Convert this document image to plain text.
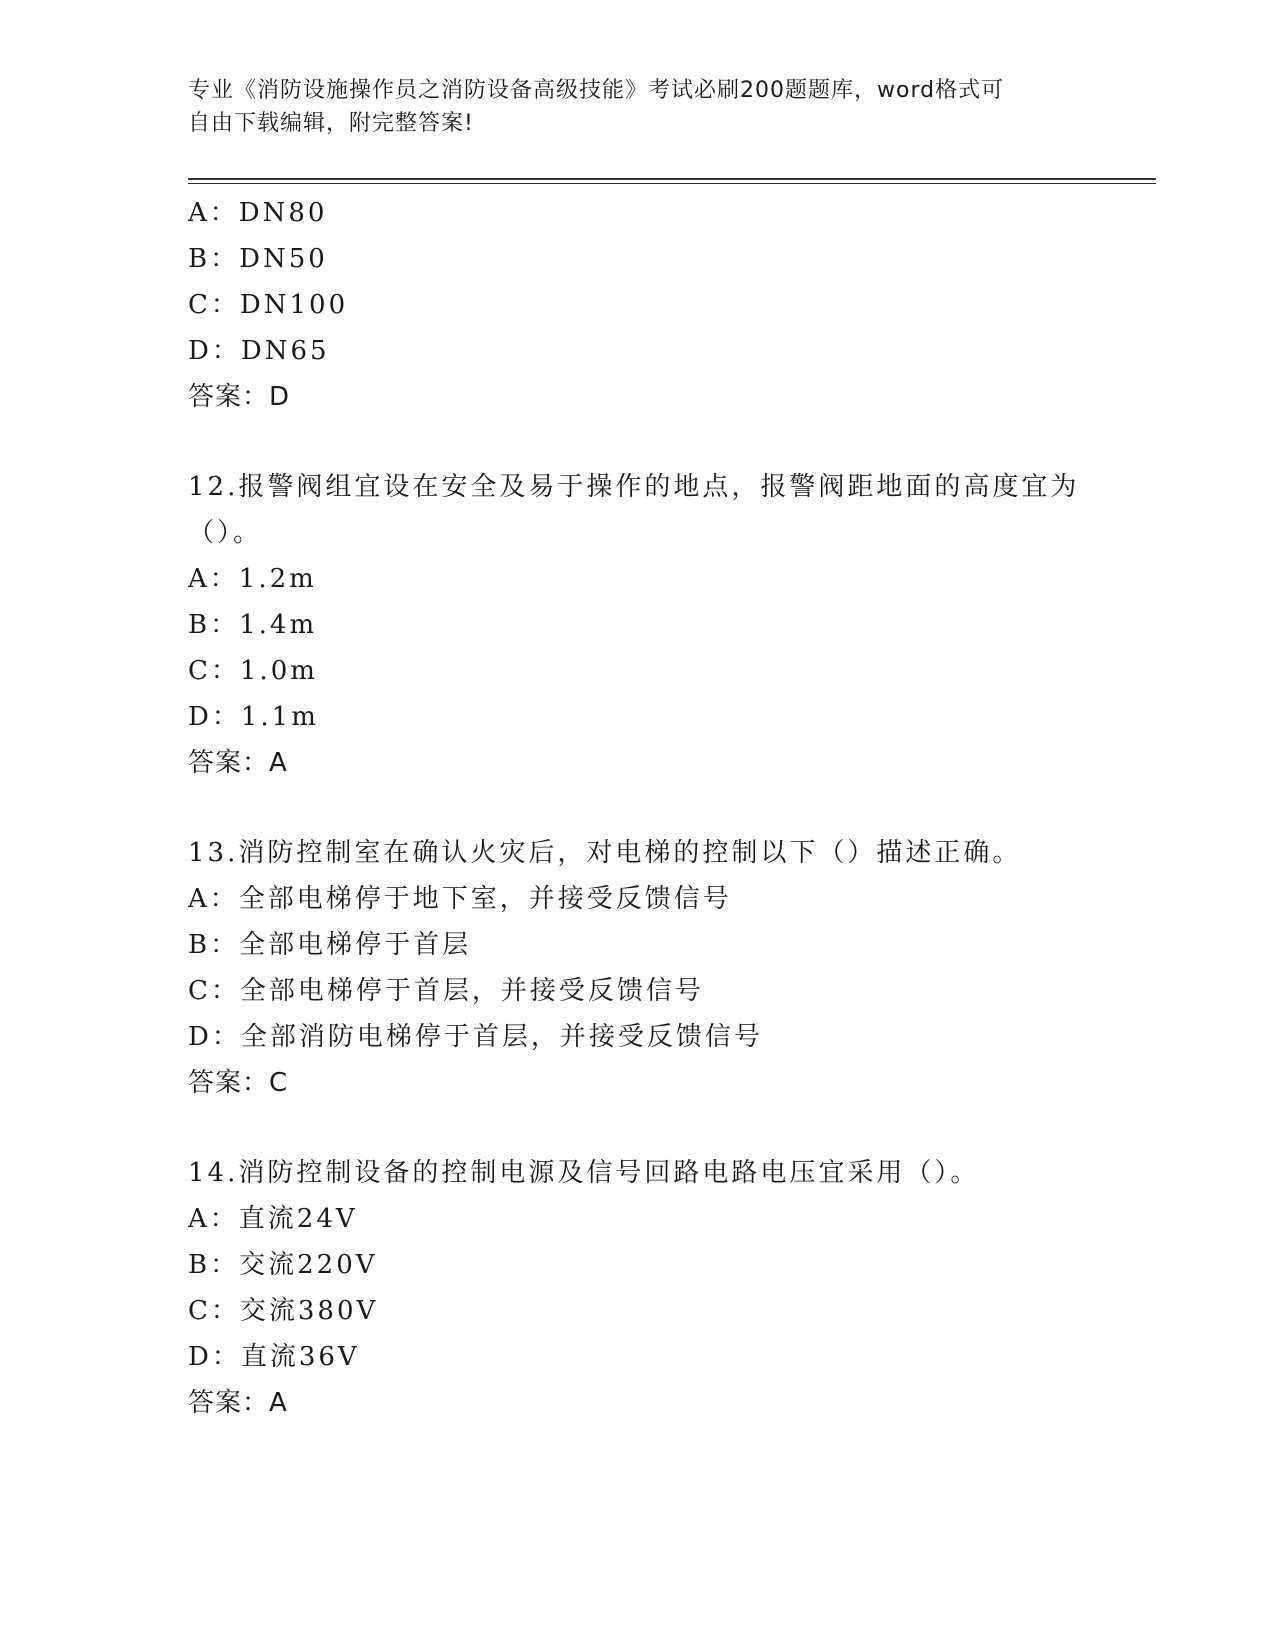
专业《消防设施操作员之消防设备高级技能》考试必刷200题题库，word格式可
自由下载编辑，附完整答案!
A：DN80
B：DN50
C：DN100
D：DN65
答案：D
12.报警阀组宜设在安全及易于操作的地点，报警阀距地面的高度宜为
（）。
A：1.2m
B：1.4m
C：1.0m
D：1.1m
答案：A
13.消防控制室在确认火灾后，对电梯的控制以下（）描述正确。
A：全部电梯停于地下室，并接受反馈信号
B：全部电梯停于首层
C：全部电梯停于首层，并接受反馈信号
D：全部消防电梯停于首层，并接受反馈信号
答案：C
14.消防控制设备的控制电源及信号回路电路电压宜采用（）。
A：直流24V
B：交流220V
C：交流380V
D：直流36V
答案：A
